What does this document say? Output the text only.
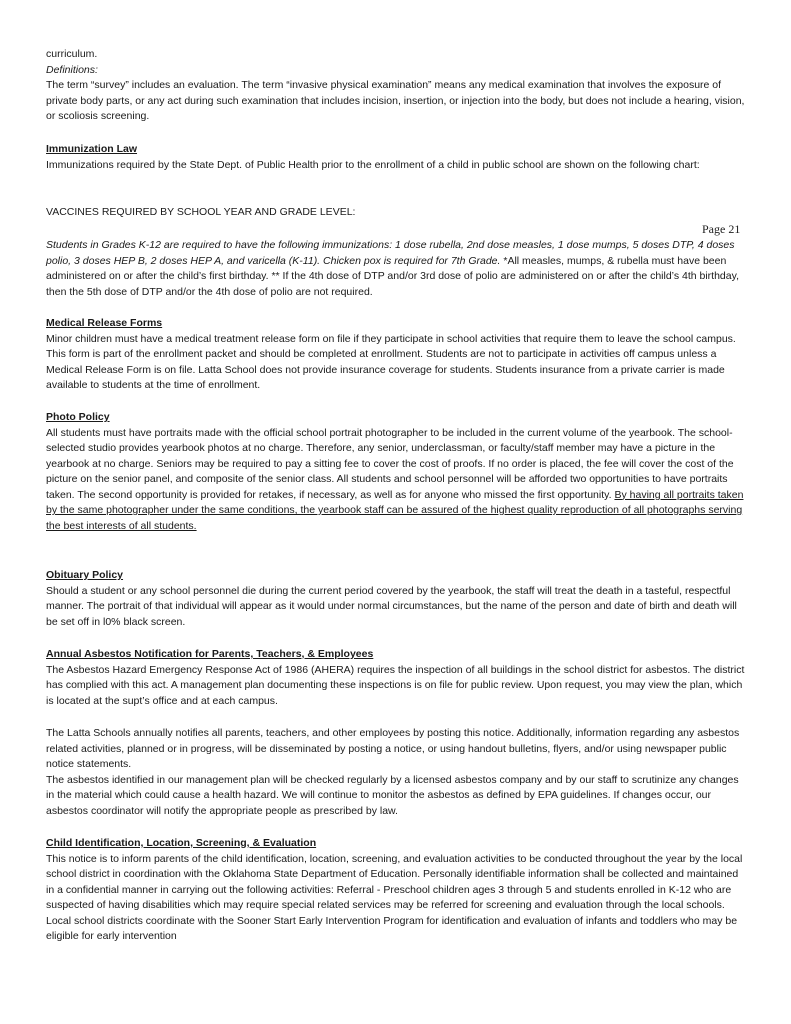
curriculum.

Definitions:

The term “survey” includes an evaluation. The term “invasive physical examination” means any medical examination that involves the exposure of private body parts, or any act during such examination that includes incision, insertion, or injection into the body, but does not include a hearing, vision, or scoliosis screening.

Immunization Law

Immunizations required by the State Dept. of Public Health prior to the enrollment of a child in public school are shown on the following chart:

VACCINES REQUIRED BY SCHOOL YEAR AND GRADE LEVEL:

Page 21

Students in Grades K-12 are required to have the following immunizations: 1 dose rubella, 2nd dose measles, 1 dose mumps, 5 doses DTP, 4 doses polio, 3 doses HEP B, 2 doses HEP A, and varicella (K-11). Chicken pox is required for 7th Grade. *All measles, mumps, & rubella must have been administered on or after the child’s first birthday. ** If the 4th dose of DTP and/or 3rd dose of polio are administered on or after the child’s 4th birthday, then the 5th dose of DTP and/or the 4th dose of polio are not required.

Medical Release Forms

Minor children must have a medical treatment release form on file if they participate in school activities that require them to leave the school campus. This form is part of the enrollment packet and should be completed at enrollment. Students are not to participate in activities off campus unless a Medical Release Form is on file. Latta School does not provide insurance coverage for students. Students insurance from a private carrier is made available to students at the time of enrollment.

Photo Policy

All students must have portraits made with the official school portrait photographer to be included in the current volume of the yearbook. The school-selected studio provides yearbook photos at no charge. Therefore, any senior, underclassman, or faculty/staff member may have a picture in the yearbook at no charge. Seniors may be required to pay a sitting fee to cover the cost of proofs. If no order is placed, the fee will cover the cost of the picture on the senior panel, and composite of the senior class. All students and school personnel will be afforded two opportunities to have portraits taken. The second opportunity is provided for retakes, if necessary, as well as for anyone who missed the first opportunity. By having all portraits taken by the same photographer under the same conditions, the yearbook staff can be assured of the highest quality reproduction of all photographs serving the best interests of all students.

Obituary Policy

Should a student or any school personnel die during the current period covered by the yearbook, the staff will treat the death in a tasteful, respectful manner. The portrait of that individual will appear as it would under normal circumstances, but the name of the person and date of birth and death will be set off in l0% black screen.

Annual Asbestos Notification for Parents, Teachers, & Employees

The Asbestos Hazard Emergency Response Act of 1986 (AHERA) requires the inspection of all buildings in the school district for asbestos. The district has complied with this act. A management plan documenting these inspections is on file for public review. Upon request, you may view the plan, which is located at the supt’s office and at each campus.

The Latta Schools annually notifies all parents, teachers, and other employees by posting this notice. Additionally, information regarding any asbestos related activities, planned or in progress, will be disseminated by posting a notice, or using handout bulletins, flyers, and/or using newspaper public notice statements.

The asbestos identified in our management plan will be checked regularly by a licensed asbestos company and by our staff to scrutinize any changes in the material which could cause a health hazard. We will continue to monitor the asbestos as defined by EPA guidelines. If changes occur, our asbestos coordinator will notify the appropriate people as prescribed by law.

Child Identification, Location, Screening, & Evaluation

This notice is to inform parents of the child identification, location, screening, and evaluation activities to be conducted throughout the year by the local school district in coordination with the Oklahoma State Department of Education. Personally identifiable information shall be collected and maintained in a confidential manner in carrying out the following activities: Referral - Preschool children ages 3 through 5 and students enrolled in K-12 who are suspected of having disabilities which may require special related services may be referred for screening and evaluation through the local schools. Local school districts coordinate with the Sooner Start Early Intervention Program for identification and evaluation of infants and toddlers who may be eligible for early intervention
